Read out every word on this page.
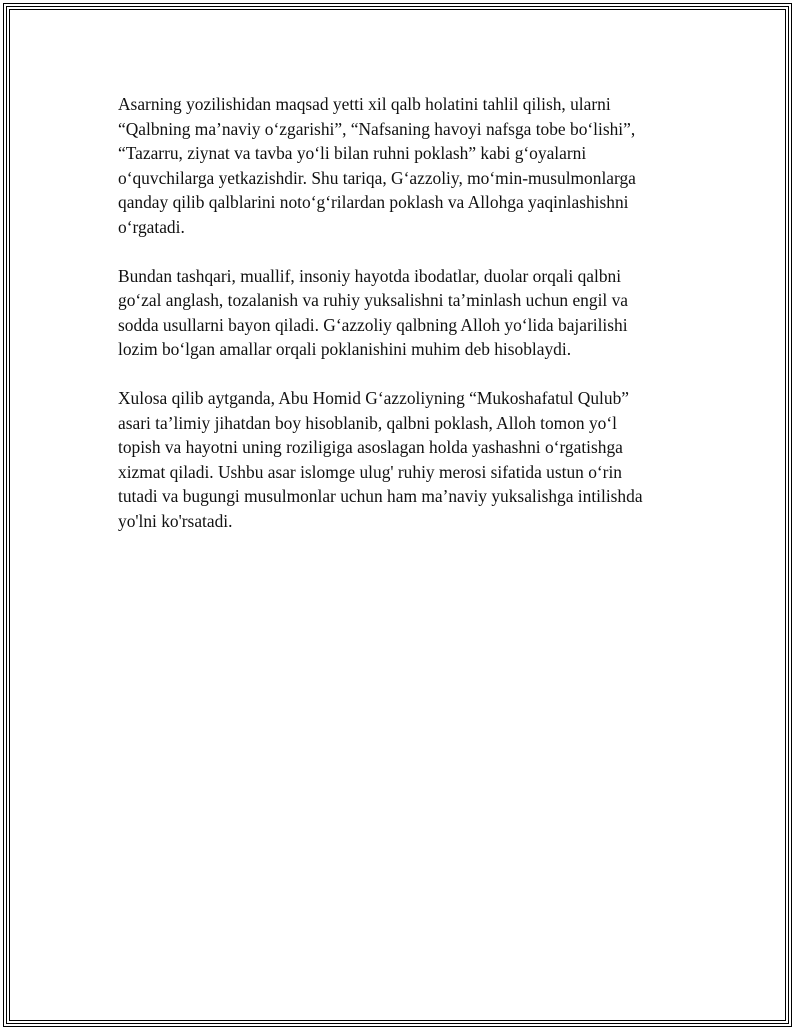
Asarning yozilishidan maqsad yetti xil qalb holatini tahlil qilish, ularni
“Qalbning ma’naviy o‘zgarishi”, “Nafsaning havoyi nafsga tobe bo‘lishi”,
“Tazarru, ziynat va tavba yo‘li bilan ruhni poklash” kabi g‘oyalarni
o‘quvchilarga yetkazishdir. Shu tariqa, G‘azzoliy, mo‘min-musulmonlarga
qanday qilib qalblarini noto‘g‘rilardan poklash va Allohga yaqinlashishni
o‘rgatadi.

Bundan tashqari, muallif, insoniy hayotda ibodatlar, duolar orqali qalbni
go‘zal anglash, tozalanish va ruhiy yuksalishni ta’minlash uchun engil va
sodda usullarni bayon qiladi. G‘azzoliy qalbning Alloh yo‘lida bajarilishi
lozim bo‘lgan amallar orqali poklanishini muhim deb hisoblaydi.

Xulosa qilib aytganda, Abu Homid G‘azzoliyning “Mukoshafatul Qulub”
asari ta’limiy jihatdan boy hisoblanib, qalbni poklash, Alloh tomon yo‘l
topish va hayotni uning roziligiga asoslagan holda yashashni o‘rgatishga
xizmat qiladi. Ushbu asar islomge ulug' ruhiy merosi sifatida ustun o‘rin
tutadi va bugungi musulmonlar uchun ham ma’naviy yuksalishga intilishda
yo'lni ko'rsatadi.
